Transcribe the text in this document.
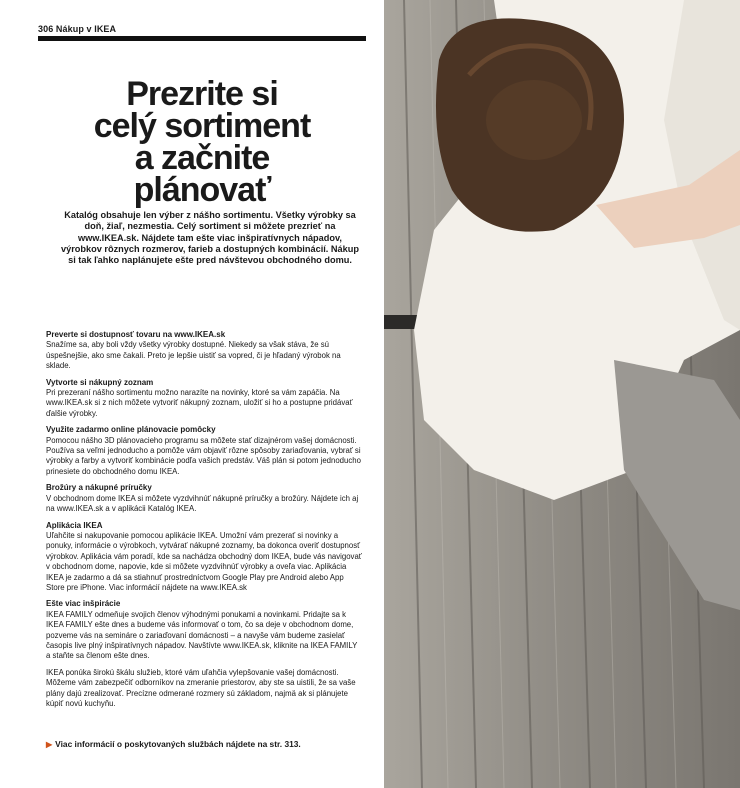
306 Nákup v IKEA
Prezrite si
celý sortiment
a začnite
plánovať
Katalóg obsahuje len výber z nášho sortimentu. Všetky výrobky sa doň, žiaľ, nezmestia. Celý sortiment si môžete prezrieť na www.IKEA.sk. Nájdete tam ešte viac inšpiratívnych nápadov, výrobkov rôznych rozmerov, farieb a dostupných kombinácií. Nákup si tak ľahko naplánujete ešte pred návštevou obchodného domu.
Preverte si dostupnosť tovaru na www.IKEA.sk

Snažíme sa, aby boli vždy všetky výrobky dostupné. Niekedy sa však stáva, že sú úspešnejšie, ako sme čakali. Preto je lepšie uistiť sa vopred, či je hľadaný výrobok na sklade.

Vytvorte si nákupný zoznam

Pri prezeraní nášho sortimentu možno narazíte na novinky, ktoré sa vám zapáčia. Na www.IKEA.sk si z nich môžete vytvoriť nákupný zoznam, uložiť si ho a postupne pridávať ďalšie výrobky.

Využite zadarmo online plánovacie pomôcky

Pomocou nášho 3D plánovacieho programu sa môžete stať dizajnérom vašej domácnosti. Používa sa veľmi jednoducho a pomôže vám objaviť rôzne spôsoby zariaďovania, vybrať si výrobky a farby a vytvoriť kombinácie podľa vašich predstáv. Váš plán si potom jednoducho prinesiete do obchodného domu IKEA.

Brožúry a nákupné príručky

V obchodnom dome IKEA si môžete vyzdvihnúť nákupné príručky a brožúry. Nájdete ich aj na www.IKEA.sk a v aplikácii Katalóg IKEA.

Aplikácia IKEA

Uľahčite si nakupovanie pomocou aplikácie IKEA. Umožní vám prezerať si novinky a ponuky, informácie o výrobkoch, vytvárať nákupné zoznamy, ba dokonca overiť dostupnosť výrobkov. Aplikácia vám poradí, kde sa nachádza obchodný dom IKEA, bude vás navigovať v obchodnom dome, napovie, kde si môžete vyzdvihnúť výrobky a oveľa viac. Aplikácia IKEA je zadarmo a dá sa stiahnuť prostredníctvom Google Play pre Android alebo App Store pre iPhone. Viac informácií nájdete na www.IKEA.sk

Ešte viac inšpirácie

IKEA FAMILY odmeňuje svojich členov výhodnými ponukami a novinkami. Pridajte sa k IKEA FAMILY ešte dnes a budeme vás informovať o tom, čo sa deje v obchodnom dome, pozveme vás na semináre o zariaďovaní domácnosti – a navyše vám budeme zasielať časopis live plný inšpiratívnych nápadov. Navštívte www.IKEA.sk, kliknite na IKEA FAMILY a staňte sa členom ešte dnes.

IKEA ponúka širokú škálu služieb, ktoré vám uľahčia vylepšovanie vašej domácnosti. Môžeme vám zabezpečiť odborníkov na zmeranie priestorov, aby ste sa uistili, že sa vaše plány dajú zrealizovať. Precízne odmerané rozmery sú základom, najmä ak si plánujete kúpiť novú kuchyňu.

▶ Viac informácií o poskytovaných službách nájdete na str. 313.
